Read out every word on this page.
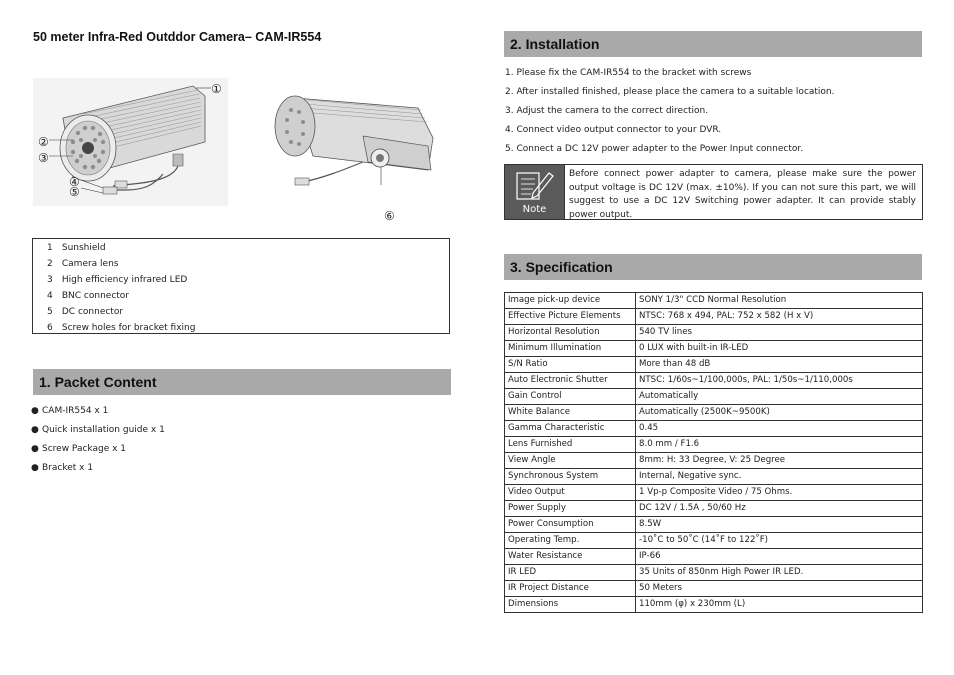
50 meter Infra-Red Outddor Camera– CAM-IR554
①
②
③
④
⑤
⑥
1 Sunshield
2 Camera lens
3 High efficiency infrared LED
4 BNC connector
5 DC connector
6 Screw holes for bracket fixing
1. Packet Content
● CAM-IR554 x 1
● Quick installation guide x 1
● Screw Package x 1
● Bracket x 1
2. Installation
1. Please fix the CAM-IR554 to the bracket with screws
2. After installed finished, please place the camera to a suitable location.
3. Adjust the camera to the correct direction.
4. Connect video output connector to your DVR.
5. Connect a DC 12V power adapter to the Power Input connector.
Note
Before connect power adapter to camera, please make sure the power output voltage is DC 12V (max. ±10%). If you can not sure this part, we will suggest to use a DC 12V Switching power adapter. It can provide stably power output.
3. Specification
Image pick-up device	SONY 1/3" CCD Normal Resolution
Effective Picture Elements	NTSC: 768 x 494, PAL: 752 x 582 (H x V)
Horizontal Resolution	540 TV lines
Minimum Illumination	0 LUX with built-in IR-LED
S/N Ratio	More than 48 dB
Auto Electronic Shutter	NTSC: 1/60s~1/100,000s, PAL: 1/50s~1/110,000s
Gain Control	Automatically
White Balance	Automatically (2500K~9500K)
Gamma Characteristic	0.45
Lens Furnished	8.0 mm / F1.6
View Angle	8mm: H: 33 Degree, V: 25 Degree
Synchronous System	Internal, Negative sync.
Video Output	1 Vp-p Composite Video / 75 Ohms.
Power Supply	DC 12V / 1.5A , 50/60 Hz
Power Consumption	8.5W
Operating Temp.	-10˚C to 50˚C (14˚F to 122˚F)
Water Resistance	IP-66
IR LED	35 Units of 850nm High Power IR LED.
IR Project Distance	50 Meters
Dimensions	110mm (φ) x 230mm (L)
